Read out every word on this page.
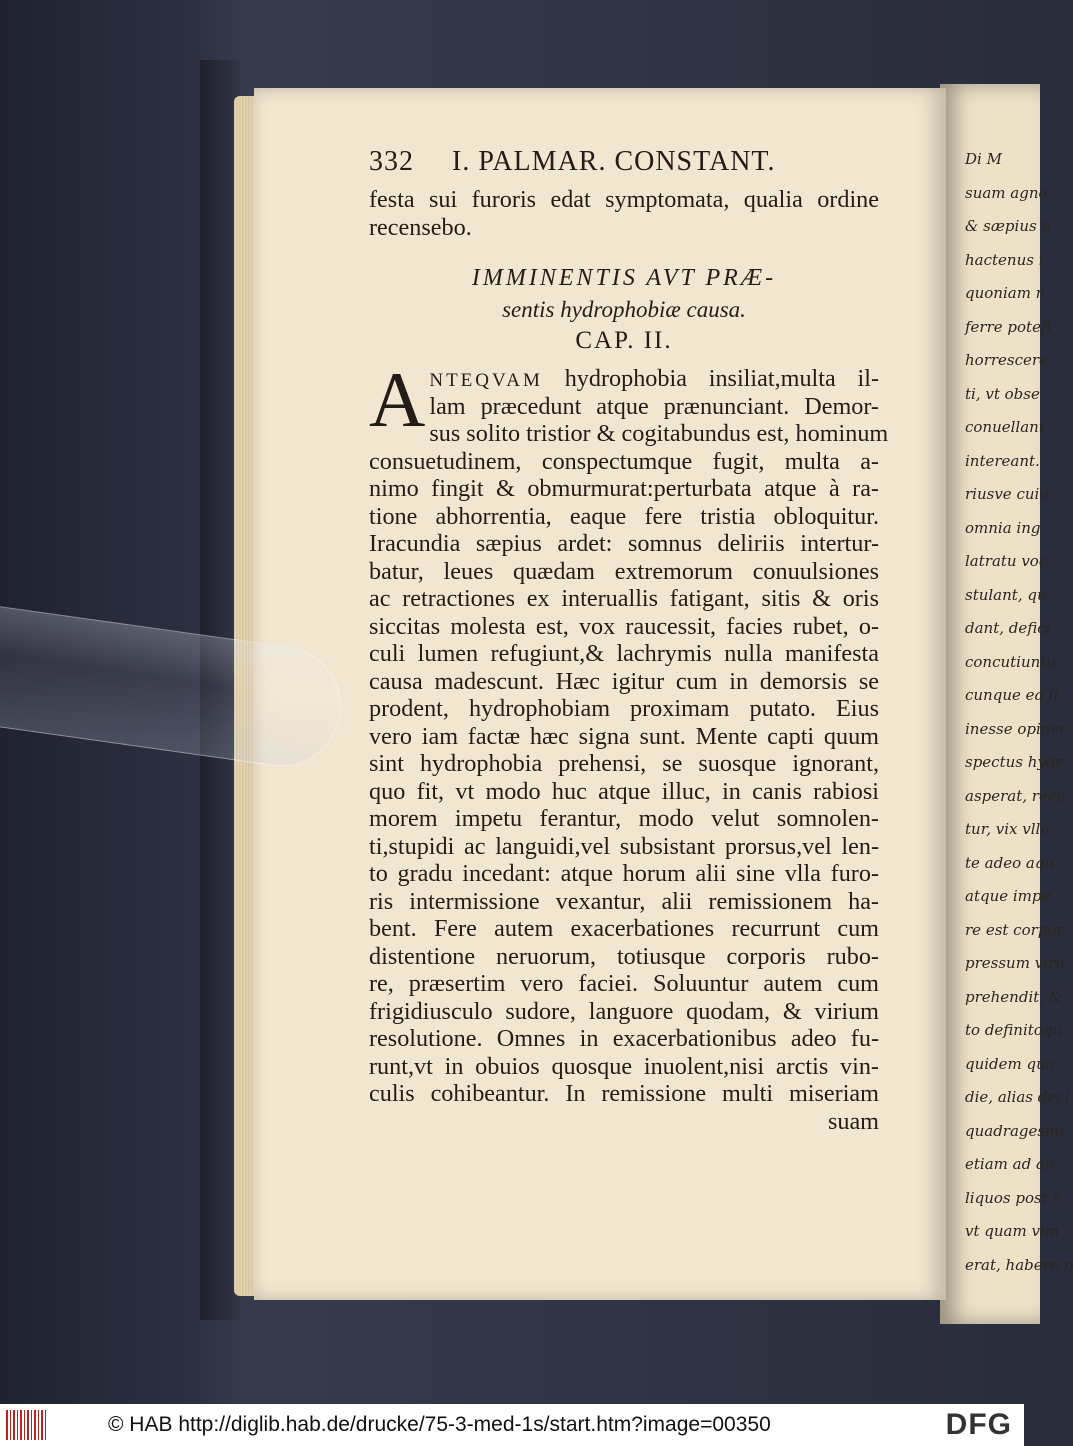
Di M
suam agno
& sæpius n
hactenus i
quoniam n
ferre poteft
horrescere
ti, vt obse
conuellant
intereant.
riusve cuiu
omnia ing
latratu voc
stulant, qu
dant, defici
concutiuntu
cunque ea fi
inesse opiner
spectus hydr
asperat, recu
tur, vix vllo
te adeo aqu
atque impe
re est corpor
pressum viru
prehendit, &
to definitoqu
quidem qua
die, alias deci
quadragesim
etiam ad an
liquos post s
vt quam vim
erat, habere p
332 I. PALMAR. CONSTANT.
festa sui furoris edat symptomata, qualia ordine
recensebo.
IMMINENTIS AVT PRÆ-
sentis hydrophobiæ causa.
CAP. II.
A NTEQVAM hydrophobia insiliat,multa il-
lam præcedunt atque prænunciant. Demor-
sus solito tristior & cogitabundus est, hominum
consuetudinem, conspectumque fugit, multa a-
nimo fingit & obmurmurat:perturbata atque à ra-
tione abhorrentia, eaque fere tristia obloquitur.
Iracundia sæpius ardet: somnus deliriis intertur-
batur, leues quædam extremorum conuulsiones
ac retractiones ex interuallis fatigant, sitis & oris
siccitas molesta est, vox raucessit, facies rubet, o-
culi lumen refugiunt,& lachrymis nulla manifesta
causa madescunt. Hæc igitur cum in demorsis se
prodent, hydrophobiam proximam putato. Eius
vero iam factæ hæc signa sunt. Mente capti quum
sint hydrophobia prehensi, se suosque ignorant,
quo fit, vt modo huc atque illuc, in canis rabiosi
morem impetu ferantur, modo velut somnolen-
ti,stupidi ac languidi,vel subsistant prorsus,vel len-
to gradu incedant: atque horum alii sine vlla furo-
ris intermissione vexantur, alii remissionem ha-
bent. Fere autem exacerbationes recurrunt cum
distentione neruorum, totiusque corporis rubo-
re, præsertim vero faciei. Soluuntur autem cum
frigidiusculo sudore, languore quodam, & virium
resolutione. Omnes in exacerbationibus adeo fu-
runt,vt in obuios quosque inuolent,nisi arctis vin-
culis cohibeantur. In remissione multi miseriam
suam
© HAB http://diglib.hab.de/drucke/75-3-med-1s/start.htm?image=00350	DFG
